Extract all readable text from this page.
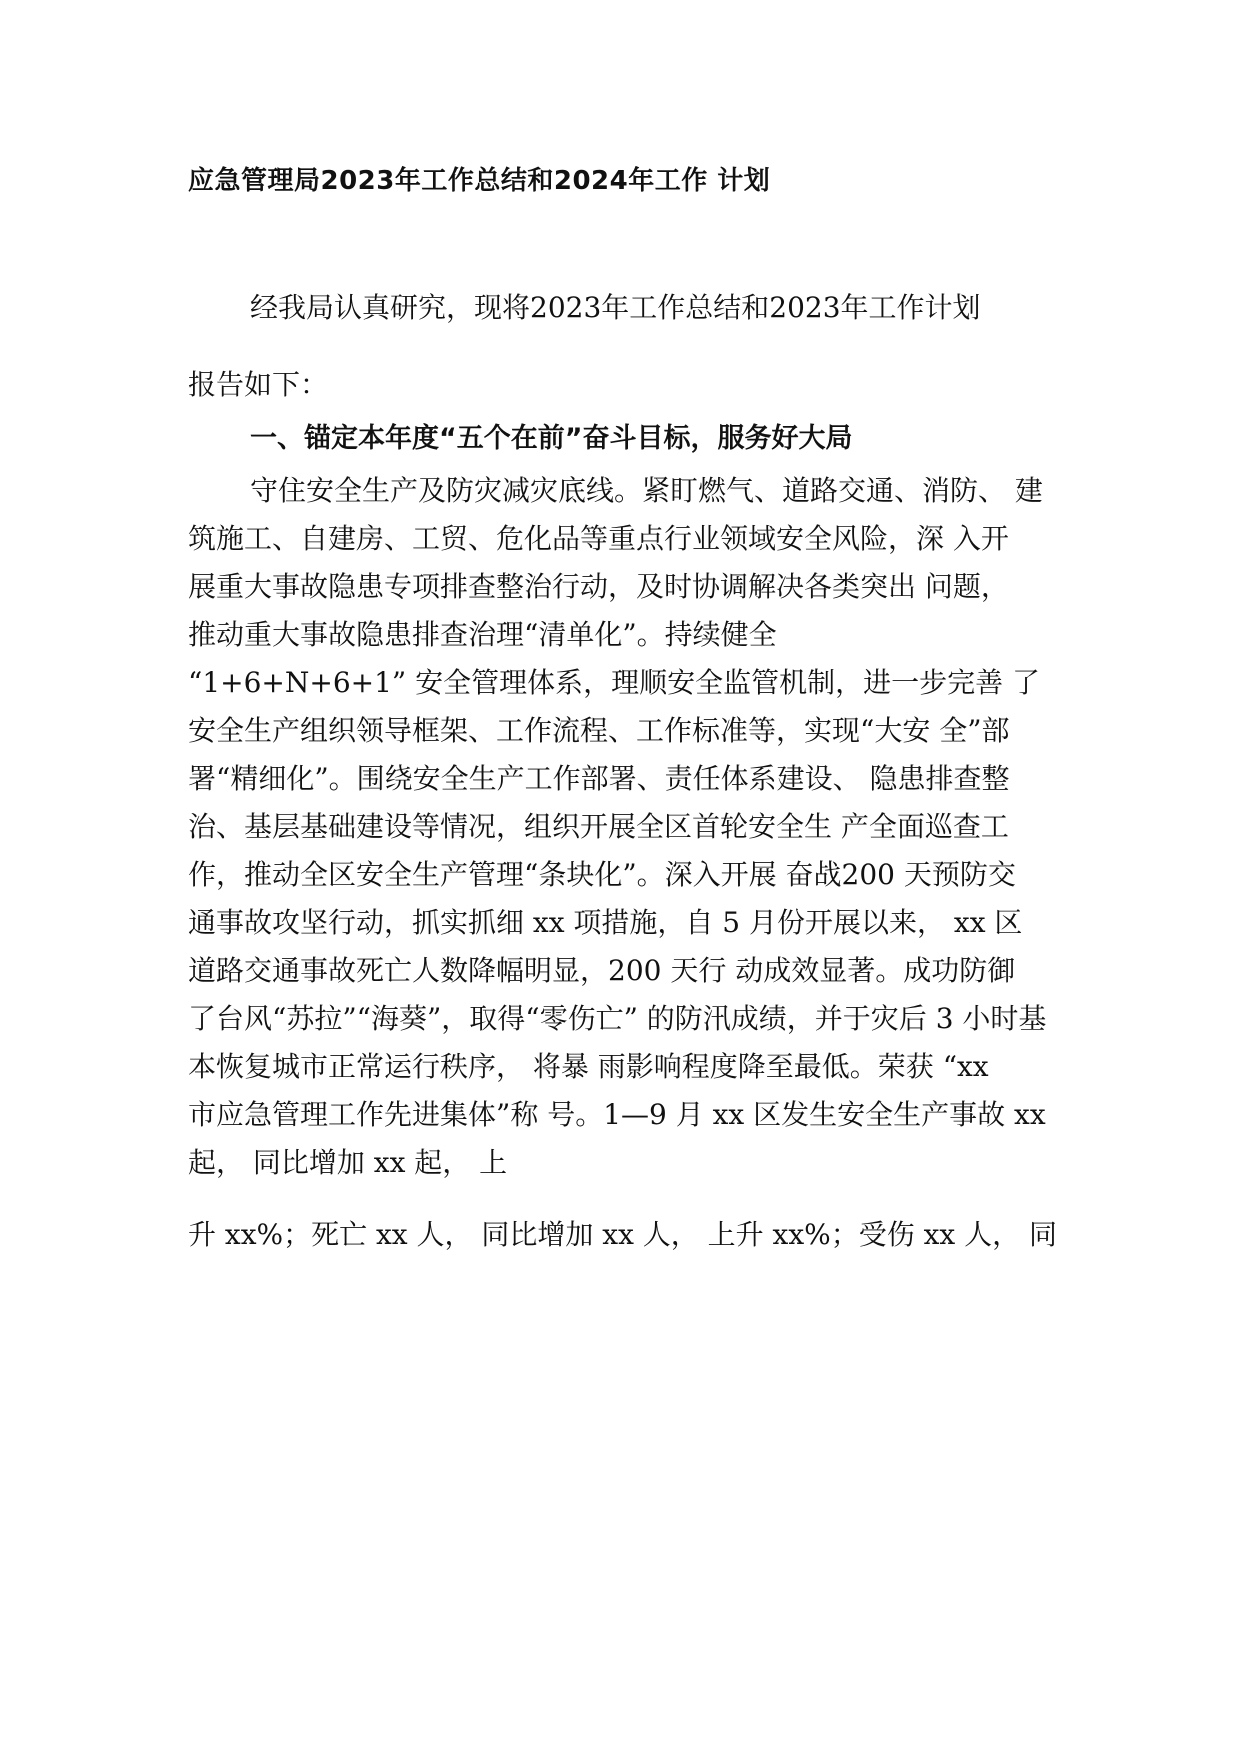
应急管理局2023年工作总结和2024年工作 计划

经我局认真研究，现将2023年工作总结和2023年工作计划

报告如下：

一、锚定本年度“五个在前”奋斗目标，服务好大局

守住安全生产及防灾减灾底线。紧盯燃气、道路交通、消防、 建

筑施工、自建房、工贸、危化品等重点行业领域安全风险，深 入开

展重大事故隐患专项排查整治行动，及时协调解决各类突出 问题，

推动重大事故隐患排查治理“清单化”。持续健全

“1+6+N+6+1” 安全管理体系，理顺安全监管机制，进一步完善 了

安全生产组织领导框架、工作流程、工作标准等，实现“大安 全”部

署“精细化”。围绕安全生产工作部署、责任体系建设、 隐患排查整

治、基层基础建设等情况，组织开展全区首轮安全生 产全面巡查工

作，推动全区安全生产管理“条块化”。深入开展 奋战200 天预防交

通事故攻坚行动，抓实抓细 xx 项措施，自 5 月份开展以来， xx 区

道路交通事故死亡人数降幅明显，200 天行 动成效显著。成功防御

了台风“苏拉”“海葵”，取得“零伤亡” 的防汛成绩，并于灾后 3 小时基

本恢复城市正常运行秩序， 将暴 雨影响程度降至最低。荣获 “xx

市应急管理工作先进集体”称 号。1—9 月 xx 区发生安全生产事故 xx

起， 同比增加 xx 起， 上

升 xx%；死亡 xx 人， 同比增加 xx 人， 上升 xx%；受伤 xx 人， 同
